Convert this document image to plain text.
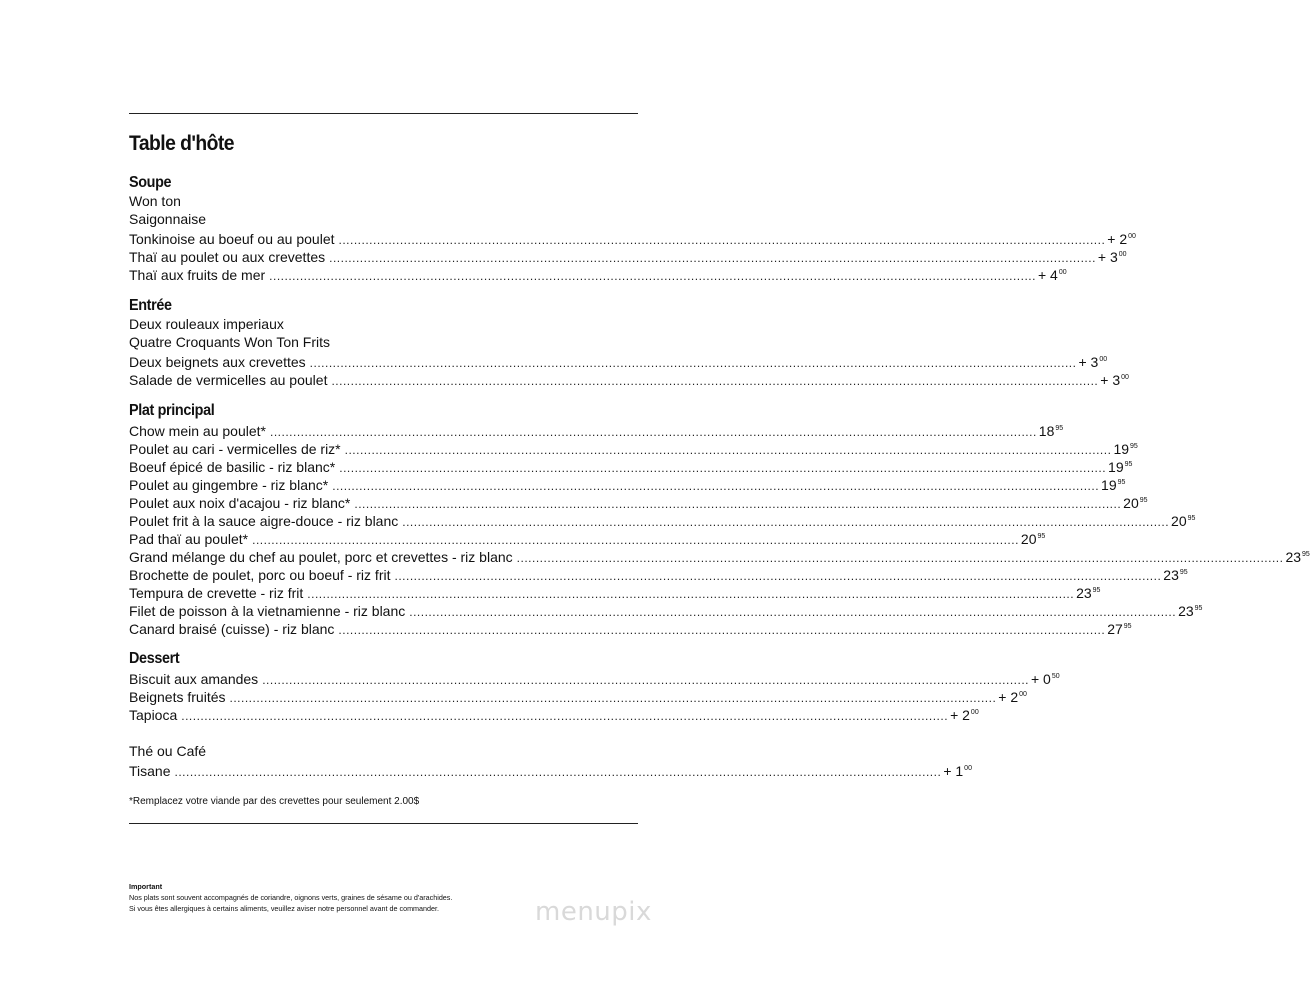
Table d'hôte
Soupe
Won ton
Saigonnaise
Tonkinoise au boeuf ou au poulet ........................................................................................................................................................................................................ + $2^{00}$
Thaï au poulet ou aux crevettes ........................................................................................................................................................................................................ + $3^{00}$
Thaï aux fruits de mer ........................................................................................................................................................................................................ + $4^{00}$
Entrée
Deux rouleaux imperiaux
Quatre Croquants Won Ton Frits
Deux beignets aux crevettes ........................................................................................................................................................................................................ + $3^{00}$
Salade de vermicelles au poulet ........................................................................................................................................................................................................ + $3^{00}$
Plat principal
Chow mein au poulet* ........................................................................................................................................................................................................ $18^{95}$
Poulet au cari - vermicelles de riz* ........................................................................................................................................................................................................ $19^{95}$
Boeuf épicé de basilic - riz blanc* ........................................................................................................................................................................................................ $19^{95}$
Poulet au gingembre - riz blanc* ........................................................................................................................................................................................................ $19^{95}$
Poulet aux noix d'acajou - riz blanc* ........................................................................................................................................................................................................ $20^{95}$
Poulet frit à la sauce aigre-douce - riz blanc ........................................................................................................................................................................................................ $20^{95}$
Pad thaï au poulet* ........................................................................................................................................................................................................ $20^{95}$
Grand mélange du chef au poulet, porc et crevettes - riz blanc ........................................................................................................................................................................................................ $23^{95}$
Brochette de poulet, porc ou boeuf - riz frit ........................................................................................................................................................................................................ $23^{95}$
Tempura de crevette - riz frit ........................................................................................................................................................................................................ $23^{95}$
Filet de poisson à la vietnamienne - riz blanc ........................................................................................................................................................................................................ $23^{95}$
Canard braisé (cuisse) - riz blanc ........................................................................................................................................................................................................ $27^{95}$
Dessert
Biscuit aux amandes ........................................................................................................................................................................................................ + $0^{50}$
Beignets fruités ........................................................................................................................................................................................................ + $2^{00}$
Tapioca ........................................................................................................................................................................................................ + $2^{00}$
Thé ou Café
Tisane ........................................................................................................................................................................................................ + $1^{00}$
*Remplacez votre viande par des crevettes pour seulement 2.00$
Important
Nos plats sont souvent accompagnés de coriandre, oignons verts, graines de sésame ou d'arachides.
Si vous êtes allergiques à certains aliments, veuillez aviser notre personnel avant de commander.	menupix
